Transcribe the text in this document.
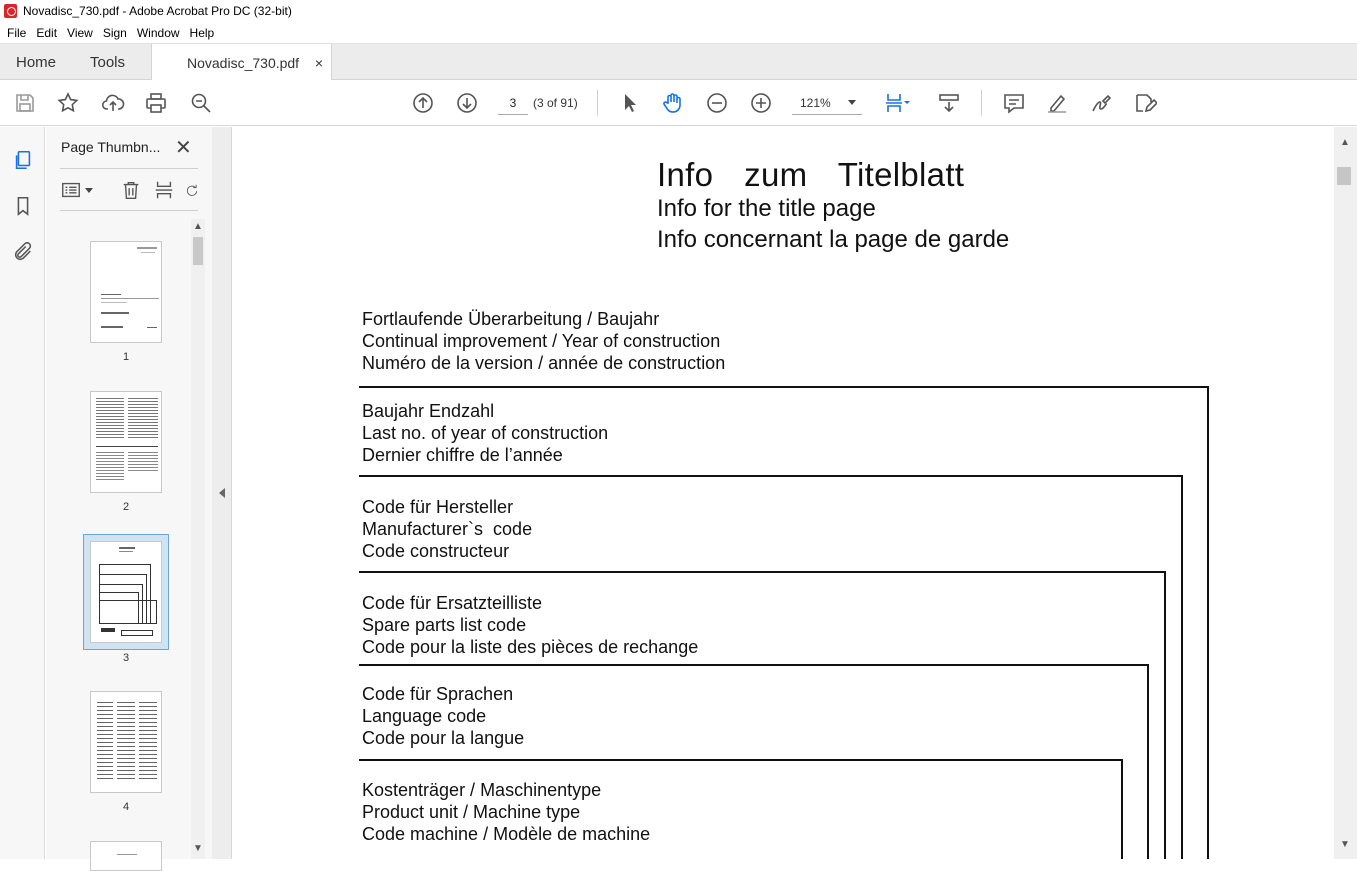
Novadisc_730.pdf - Adobe Acrobat Pro DC (32-bit)
File Edit View Sign Window Help
Home	Tools	Novadisc_730.pdf ×
3
(3 of 91)	121%
Page Thumbn... ✕
1
2
3
4
▲
▼
Info  zum  Titelblatt
Info for the title page
Info concernant la page de garde
Fortlaufende Überarbeitung / Baujahr
Continual improvement / Year of construction
Numéro de la version / année de construction
Baujahr Endzahl
Last no. of year of construction
Dernier chiffre de l’année
Code für Hersteller
Manufacturer`s  code
Code constructeur
Code für Ersatzteilliste
Spare parts list code
Code pour la liste des pièces de rechange
Code für Sprachen
Language code
Code pour la langue
Kostenträger / Maschinentype
Product unit / Machine type
Code machine / Modèle de machine
▲
▼
